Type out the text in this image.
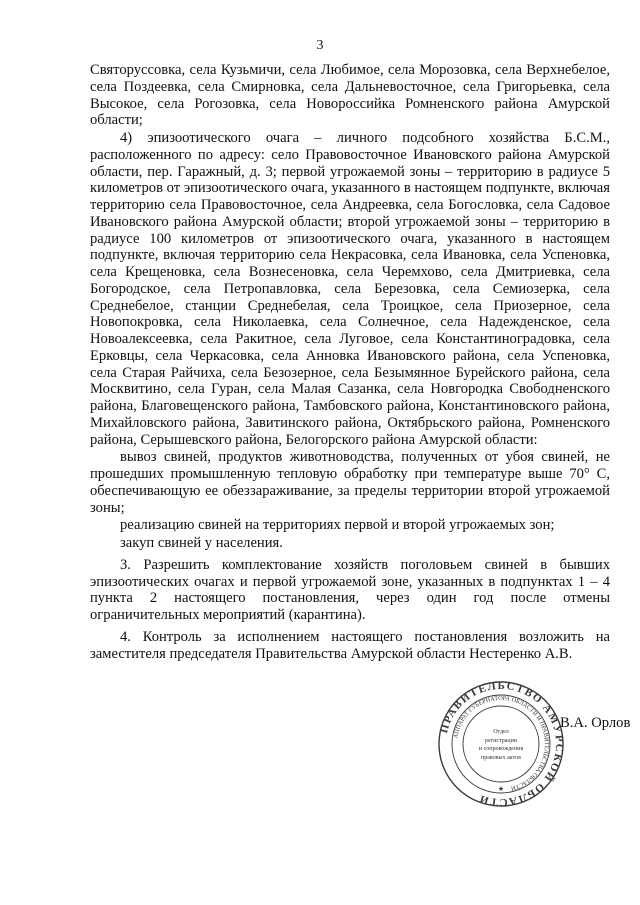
3

Святоруссовка, села Кузьмичи, села Любимое, села Морозовка, села Верхнебелое, села Поздеевка, села Смирновка, села Дальневосточное, села Григорьевка, села Высокое, села Рогозовка, села Новороссийка Ромненского района Амурской области;

4) эпизоотического очага – личного подсобного хозяйства Б.С.М., расположенного по адресу: село Правовосточное Ивановского района Амурской области, пер. Гаражный, д. 3; первой угрожаемой зоны – территорию в радиусе 5 километров от эпизоотического очага, указанного в настоящем подпункте, включая территорию села Правовосточное, села Андреевка, села Богословка, села Садовое Ивановского района Амурской области; второй угрожаемой зоны – территорию в радиусе 100 километров от эпизоотического очага, указанного в настоящем подпункте, включая территорию села Некрасовка, села Ивановка, села Успеновка, села Крещеновка, села Вознесеновка, села Черемхово, села Дмитриевка, села Богородское, села Петропавловка, села Березовка, села Семиозерка, села Среднебелое, станции Среднебелая, села Троицкое, села Приозерное, села Новопокровка, села Николаевка, села Солнечное, села Надежденское, села Новоалексеевка, села Ракитное, села Луговое, села Константиноградовка, села Ерковцы, села Черкасовка, села Анновка Ивановского района, села Успеновка, села Старая Райчиха, села Безозерное, села Безымянное Бурейского района, села Москвитино, села Гуран, села Малая Сазанка, села Новгородка Свободненского района, Благовещенского района, Тамбовского района, Константиновского района, Михайловского района, Завитинского района, Октябрьского района, Ромненского района, Серышевского района, Белогорского района Амурской области:

вывоз свиней, продуктов животноводства, полученных от убоя свиней, не прошедших промышленную тепловую обработку при температуре выше 70° С, обеспечивающую ее обеззараживание, за пределы территории второй угрожаемой зоны;

реализацию свиней на территориях первой и второй угрожаемых зон;

закуп свиней у населения.

3. Разрешить комплектование хозяйств поголовьем свиней в бывших эпизоотических очагах и первой угрожаемой зоне, указанных в подпунктах 1 – 4 пункта 2 настоящего постановления, через один год после отмены ограничительных мероприятий (карантина).

4. Контроль за исполнением настоящего постановления возложить на заместителя председателя Правительства Амурской области Нестеренко А.В.

ПРАВИТЕЛЬСТВО АМУРСКОЙ ОБЛАСТИ
АППАРАТ ГУБЕРНАТОРА ОБЛАСТИ И ПРАВИТЕЛЬСТВА ОБЛАСТИ
★
Отдел
регистрации
и сопровождения
правовых актов
В.А. Орлов
